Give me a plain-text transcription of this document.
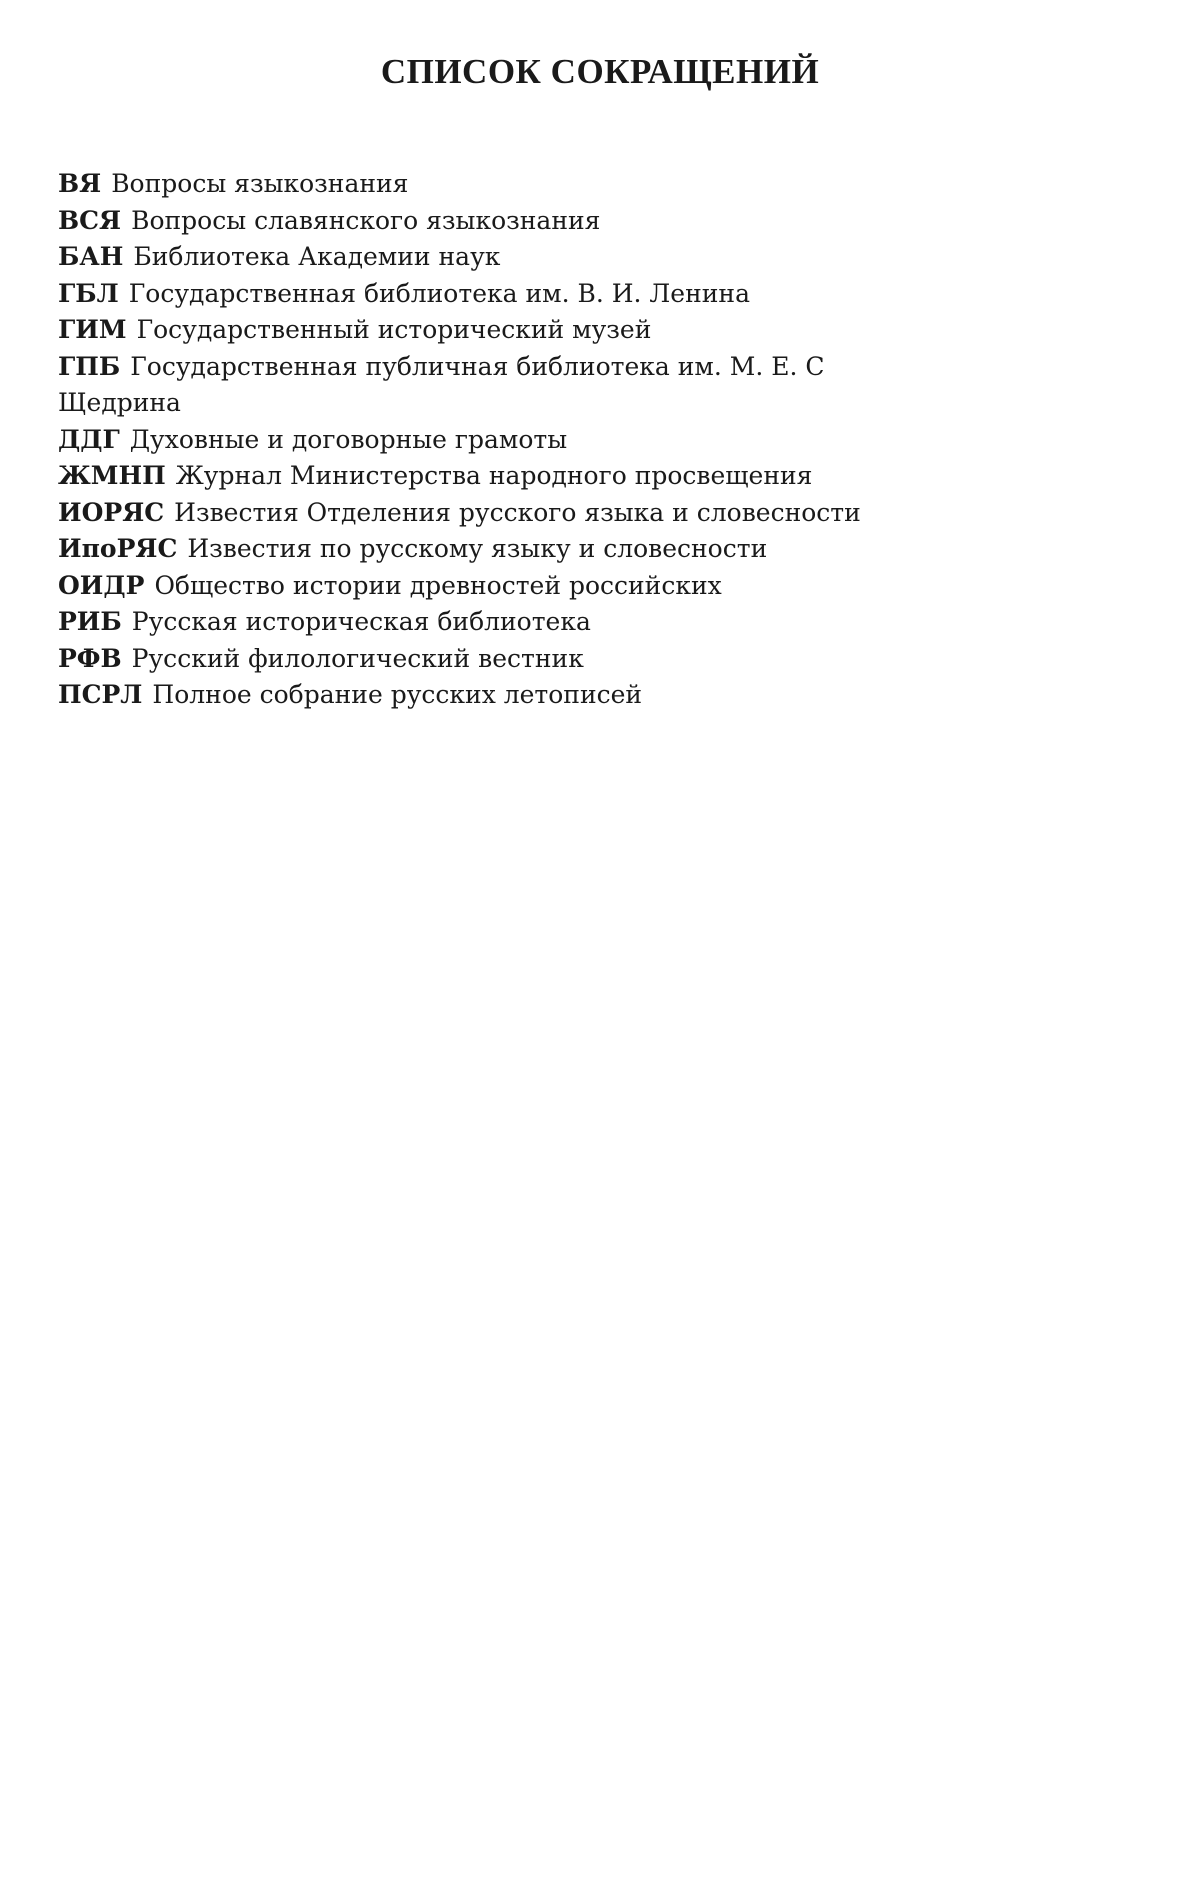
СПИСОК СОКРАЩЕНИЙ
ВЯ Вопросы языкознания
ВСЯ Вопросы славянского языкознания
БАН Библиотека Академии наук
ГБЛ Государственная библиотека им. В. И. Ленина
ГИМ Государственный исторический музей
ГПБ Государственная публичная библиотека им. М. Е. С
Щедрина
ДДГ Духовные и договорные грамоты
ЖМНП Журнал Министерства народного просвещения
ИОРЯС Известия Отделения русского языка и словесности
ИпоРЯС Известия по русскому языку и словесности
ОИДР Общество истории древностей российских
РИБ Русская историческая библиотека
РФВ Русский филологический вестник
ПСРЛ Полное собрание русских летописей
